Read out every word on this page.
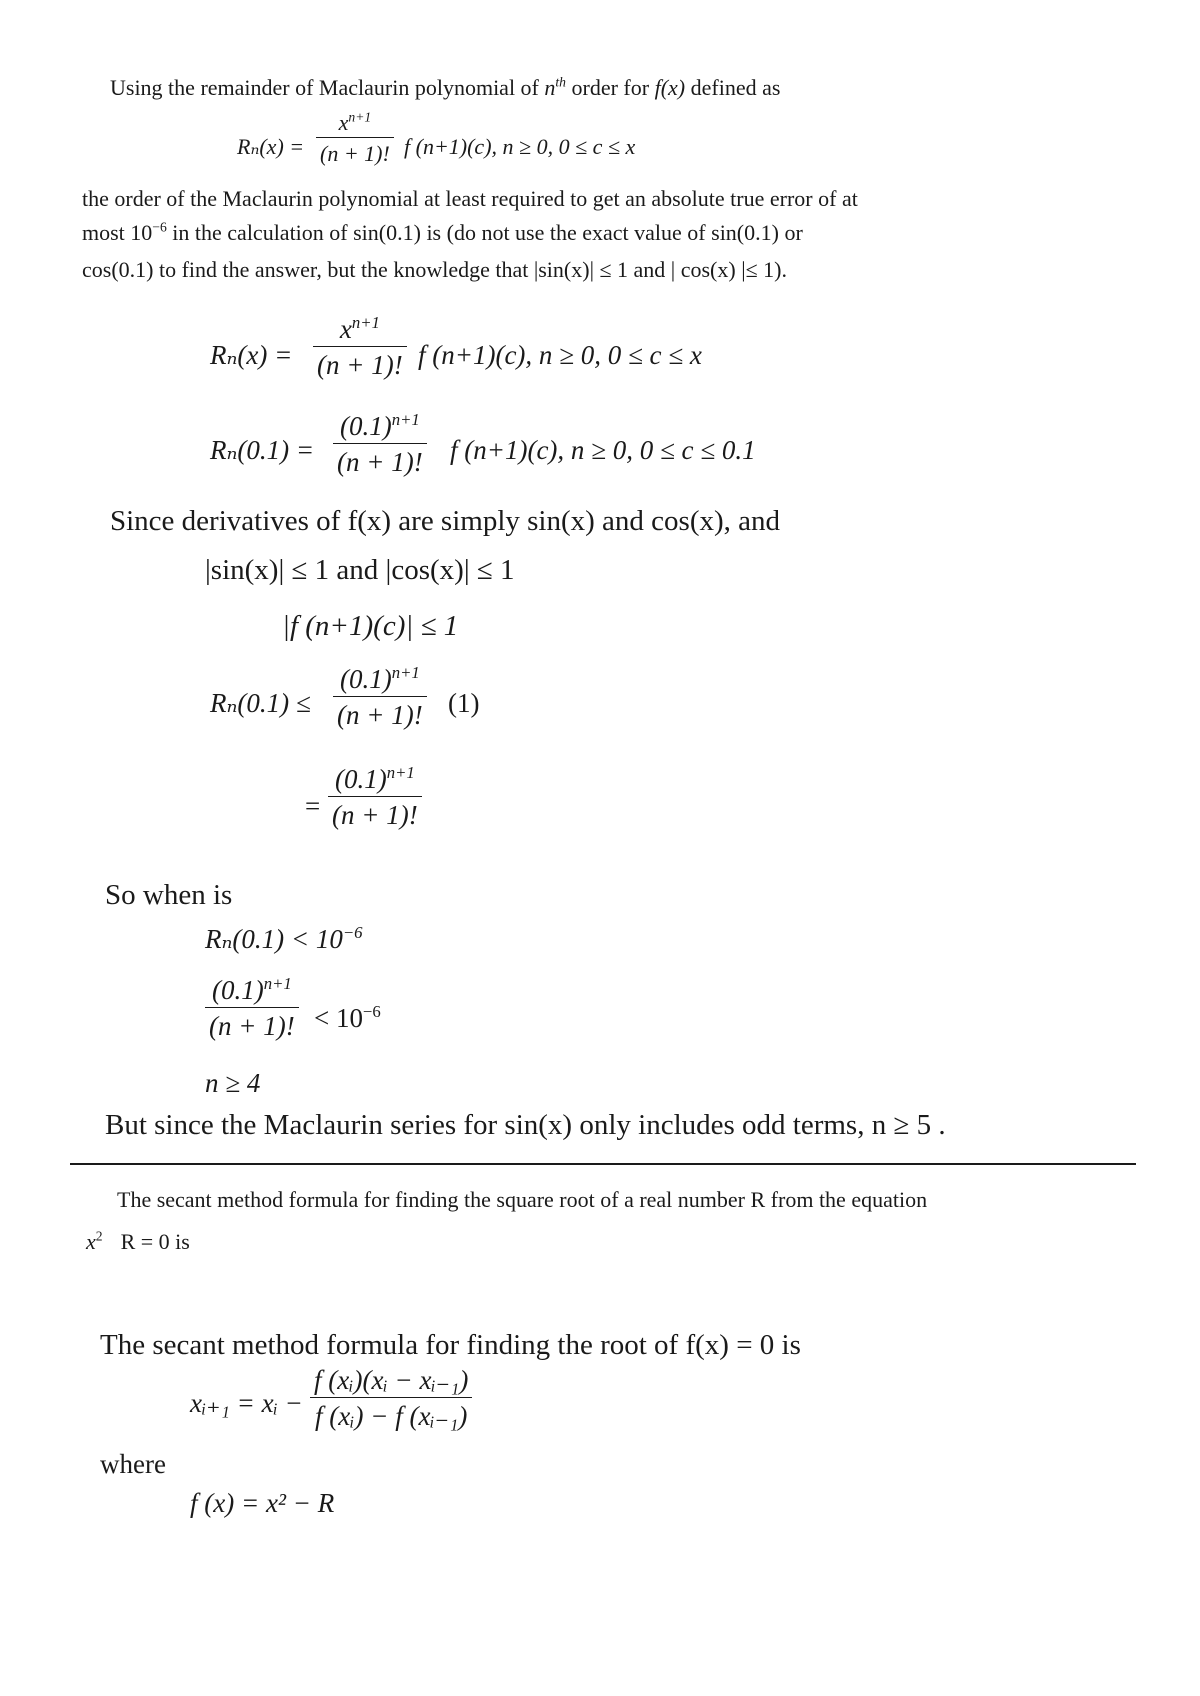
Using the remainder of Maclaurin polynomial of $n^{th}$ order for f(x) defined as
Rₙ(x) =
$x^{n+1}$
(n + 1)! f (n+1)(c), n ≥ 0, 0 ≤ c ≤ x
the order of the Maclaurin polynomial at least required to get an absolute true error of at
most $10^{-6}$ in the calculation of sin(0.1) is (do not use the exact value of sin(0.1) or
cos(0.1) to find the answer, but the knowledge that |sin(x)| ≤ 1 and | cos(x) |≤ 1).
Rₙ(x) =
$x^{n+1}$
(n + 1)! f (n+1)(c), n ≥ 0, 0 ≤ c ≤ x
Rₙ(0.1) =
$(0.1)^{n+1}$
(n + 1)! f (n+1)(c), n ≥ 0, 0 ≤ c ≤ 0.1
Since derivatives of f(x) are simply sin(x) and cos(x), and
|sin(x)| ≤ 1 and |cos(x)| ≤ 1
|f (n+1)(c)| ≤ 1
Rₙ(0.1) ≤
$(0.1)^{n+1}$
(n + 1)! (1)
=
$(0.1)^{n+1}$
(n + 1)!
So when is
$R_n(0.1) < 10^{-6}$
$(0.1)^{n+1}$
(n + 1)! < $10^{-6}$
n ≥ 4
But since the Maclaurin series for sin(x) only includes odd terms, n ≥ 5 .
The secant method formula for finding the square root of a real number R from the equation
$x^2$ R = 0 is
The secant method formula for finding the root of f(x) = 0 is
xᵢ₊₁ = xᵢ −
f (xᵢ)(xᵢ − xᵢ₋₁)
f (xᵢ) − f (xᵢ₋₁)
where
f (x) = x² − R
